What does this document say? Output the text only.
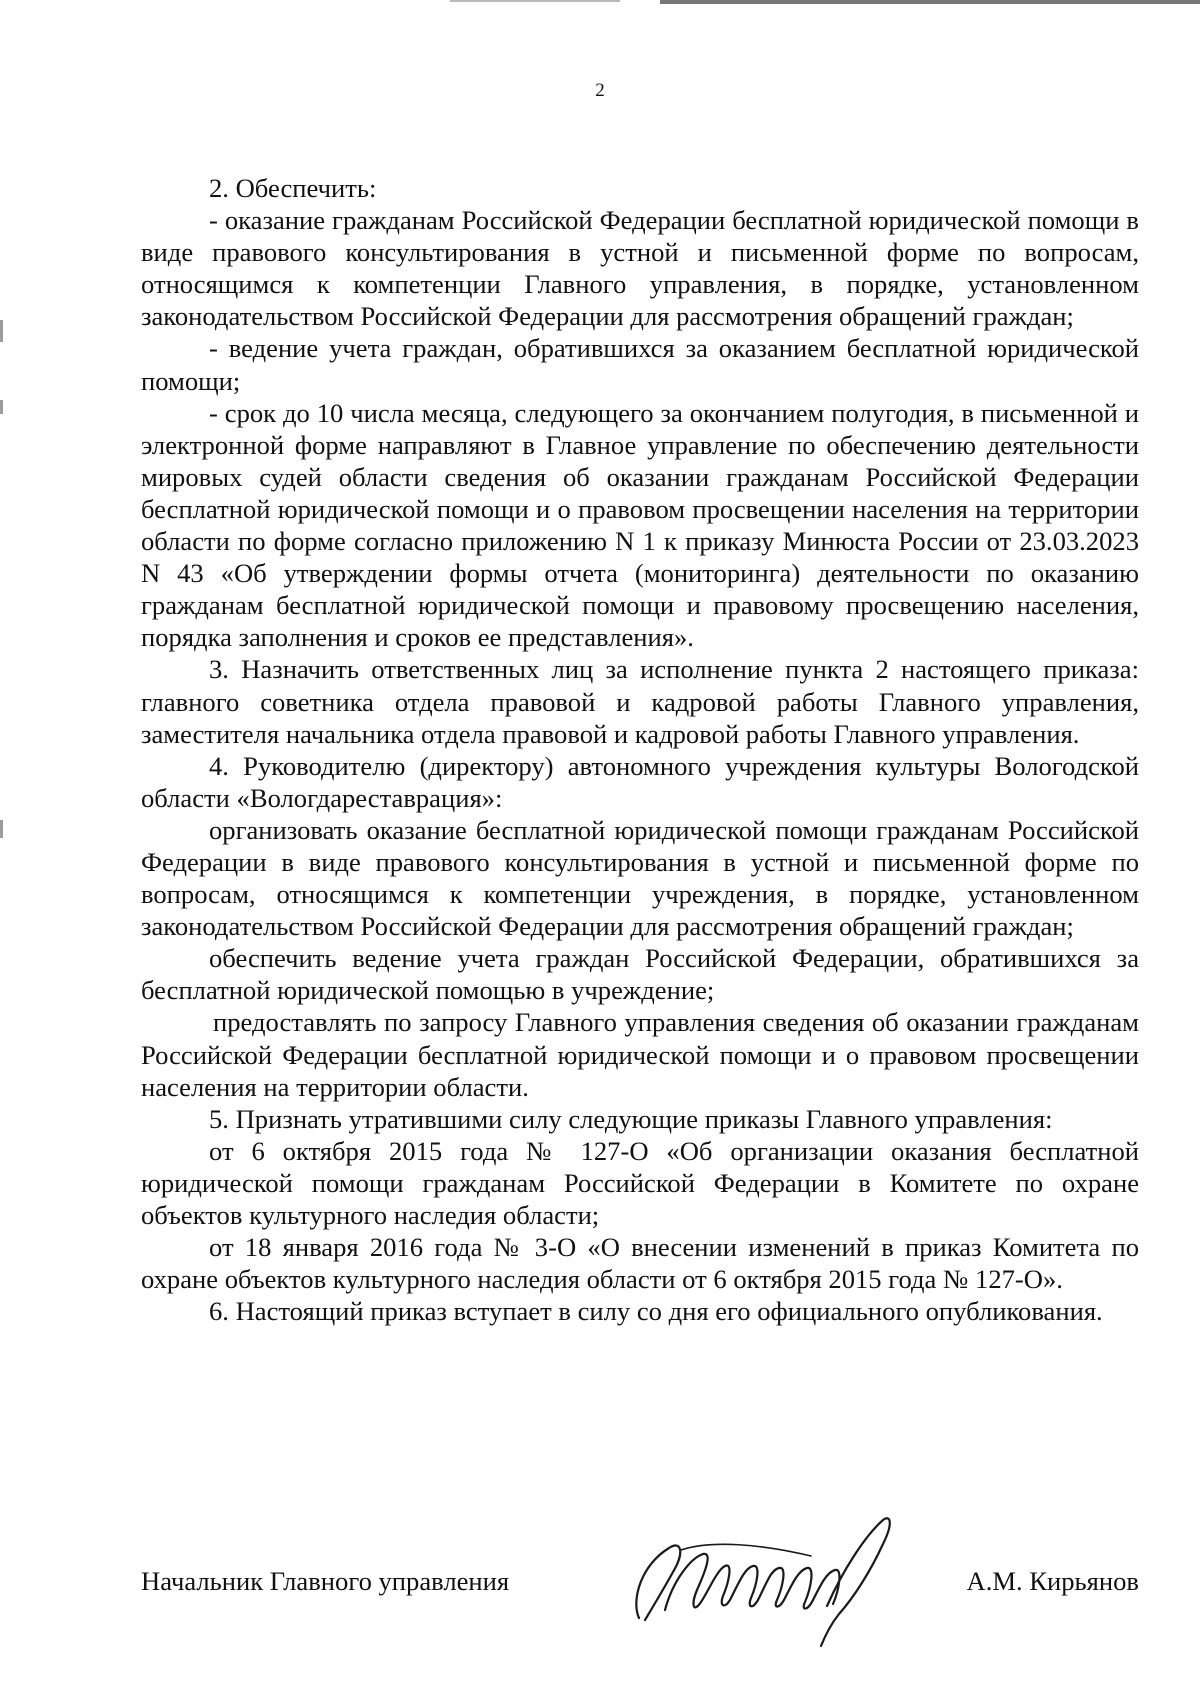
2

2. Обеспечить:

- оказание гражданам Российской Федерации бесплатной юридической помощи в виде правового консультирования в устной и письменной форме по вопросам, относящимся к компетенции Главного управления, в порядке, установленном законодательством Российской Федерации для рассмотрения обращений граждан;

- ведение учета граждан, обратившихся за оказанием бесплатной юридической помощи;

- срок до 10 числа месяца, следующего за окончанием полугодия, в письменной и электронной форме направляют в Главное управление по обеспечению деятельности мировых судей области сведения об оказании гражданам Российской Федерации бесплатной юридической помощи и о правовом просвещении населения на территории области по форме согласно приложению N 1 к приказу Минюста России от 23.03.2023 N 43 «Об утверждении формы отчета (мониторинга) деятельности по оказанию гражданам бесплатной юридической помощи и правовому просвещению населения, порядка заполнения и сроков ее представления».

3. Назначить ответственных лиц за исполнение пункта 2 настоящего приказа: главного советника отдела правовой и кадровой работы Главного управления, заместителя начальника отдела правовой и кадровой работы Главного управления.

4. Руководителю (директору) автономного учреждения культуры Вологодской области «Вологдареставрация»:

организовать оказание бесплатной юридической помощи гражданам Российской Федерации в виде правового консультирования в устной и письменной форме по вопросам, относящимся к компетенции учреждения, в порядке, установленном законодательством Российской Федерации для рассмотрения обращений граждан;

обеспечить ведение учета граждан Российской Федерации, обратившихся за бесплатной юридической помощью в учреждение;

предоставлять по запросу Главного управления сведения об оказании гражданам Российской Федерации бесплатной юридической помощи и о правовом просвещении населения на территории области.

5. Признать утратившими силу следующие приказы Главного управления:

от 6 октября 2015 года № 127-О «Об организации оказания бесплатной юридической помощи гражданам Российской Федерации в Комитете по охране объектов культурного наследия области;

от 18 января 2016 года № 3-О «О внесении изменений в приказ Комитета по охране объектов культурного наследия области от 6 октября 2015 года № 127-О».

6. Настоящий приказ вступает в силу со дня его официального опубликования.

Начальник Главного управления	А.М. Кирьянов
